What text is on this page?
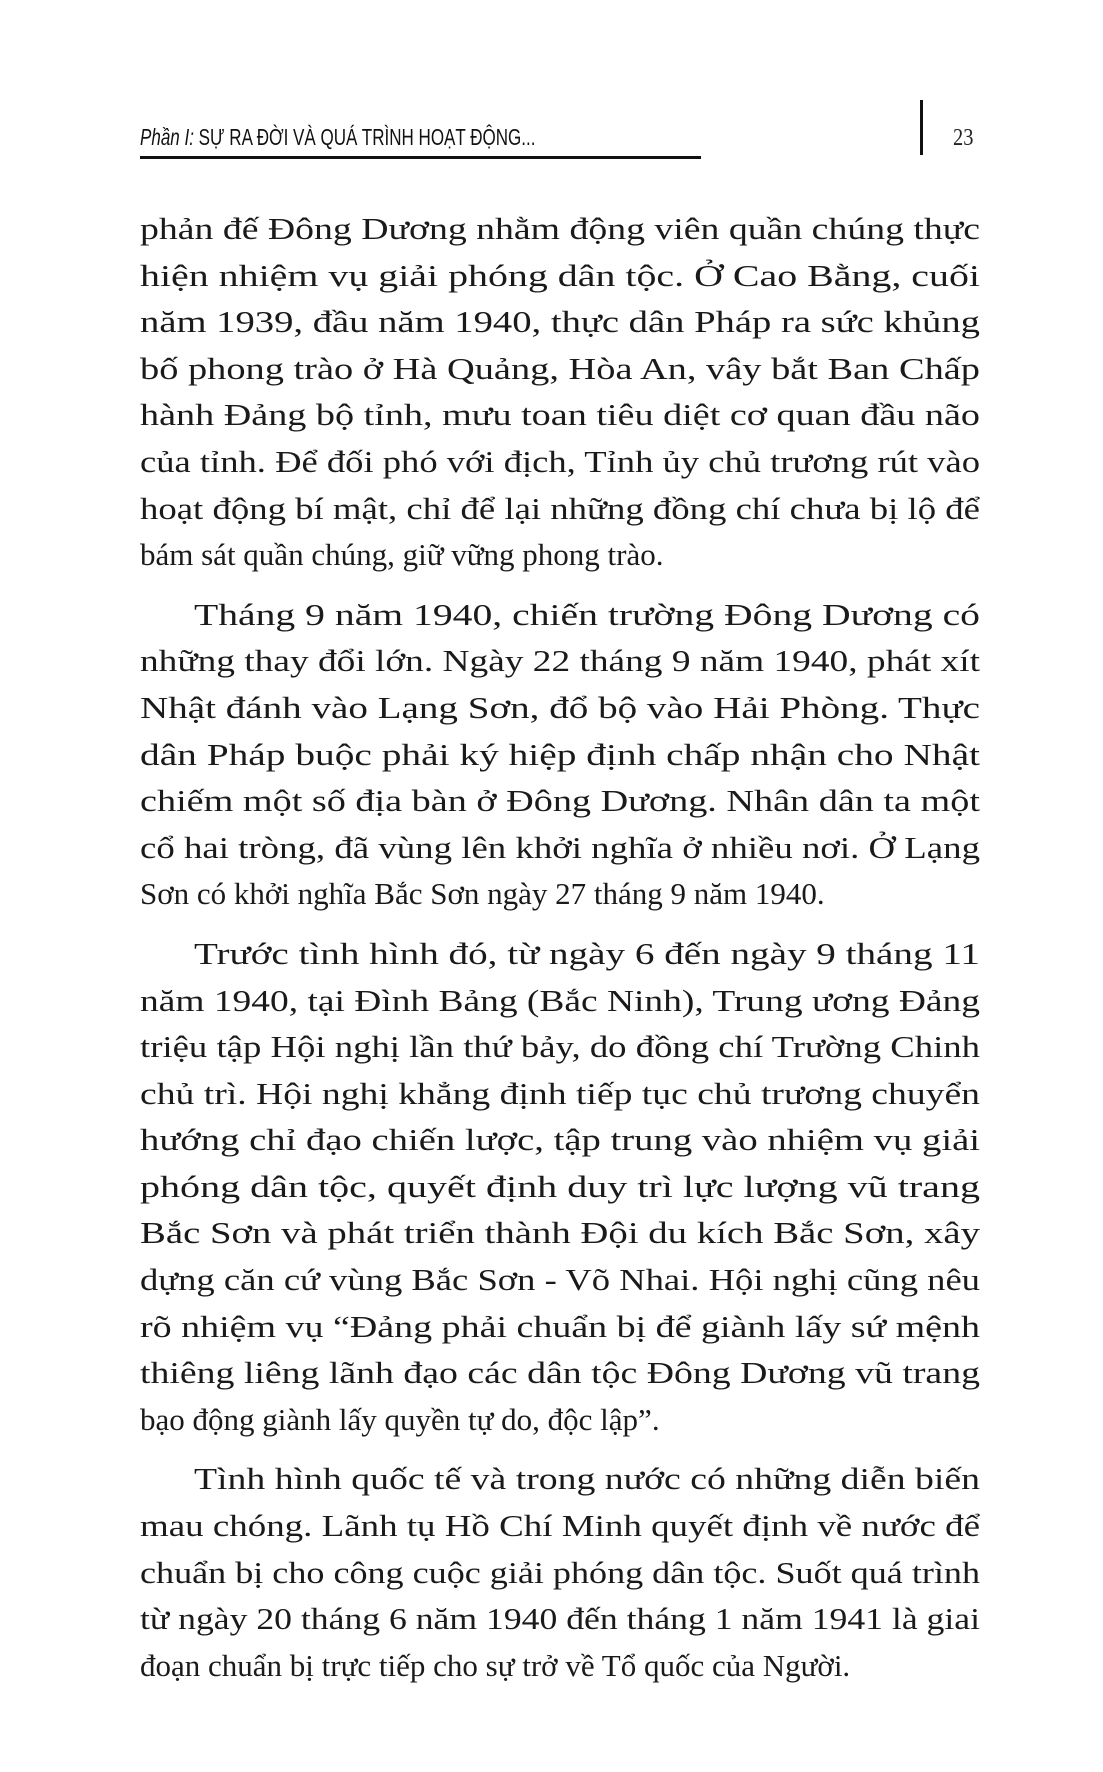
Phần I: SỰ RA ĐỜI VÀ QUÁ TRÌNH HOẠT ĐỘNG...	23
phản đế Đông Dương nhằm động viên quần chúng thực
hiện nhiệm vụ giải phóng dân tộc. Ở Cao Bằng, cuối
năm 1939, đầu năm 1940, thực dân Pháp ra sức khủng
bố phong trào ở Hà Quảng, Hòa An, vây bắt Ban Chấp
hành Đảng bộ tỉnh, mưu toan tiêu diệt cơ quan đầu não
của tỉnh. Để đối phó với địch, Tỉnh ủy chủ trương rút vào
hoạt động bí mật, chỉ để lại những đồng chí chưa bị lộ để
bám sát quần chúng, giữ vững phong trào.
Tháng 9 năm 1940, chiến trường Đông Dương có
những thay đổi lớn. Ngày 22 tháng 9 năm 1940, phát xít
Nhật đánh vào Lạng Sơn, đổ bộ vào Hải Phòng. Thực
dân Pháp buộc phải ký hiệp định chấp nhận cho Nhật
chiếm một số địa bàn ở Đông Dương. Nhân dân ta một
cổ hai tròng, đã vùng lên khởi nghĩa ở nhiều nơi. Ở Lạng
Sơn có khởi nghĩa Bắc Sơn ngày 27 tháng 9 năm 1940.
Trước tình hình đó, từ ngày 6 đến ngày 9 tháng 11
năm 1940, tại Đình Bảng (Bắc Ninh), Trung ương Đảng
triệu tập Hội nghị lần thứ bảy, do đồng chí Trường Chinh
chủ trì. Hội nghị khẳng định tiếp tục chủ trương chuyển
hướng chỉ đạo chiến lược, tập trung vào nhiệm vụ giải
phóng dân tộc, quyết định duy trì lực lượng vũ trang
Bắc Sơn và phát triển thành Đội du kích Bắc Sơn, xây
dựng căn cứ vùng Bắc Sơn - Võ Nhai. Hội nghị cũng nêu
rõ nhiệm vụ “Đảng phải chuẩn bị để giành lấy sứ mệnh
thiêng liêng lãnh đạo các dân tộc Đông Dương vũ trang
bạo động giành lấy quyền tự do, độc lập”.
Tình hình quốc tế và trong nước có những diễn biến
mau chóng. Lãnh tụ Hồ Chí Minh quyết định về nước để
chuẩn bị cho công cuộc giải phóng dân tộc. Suốt quá trình
từ ngày 20 tháng 6 năm 1940 đến tháng 1 năm 1941 là giai
đoạn chuẩn bị trực tiếp cho sự trở về Tổ quốc của Người.
